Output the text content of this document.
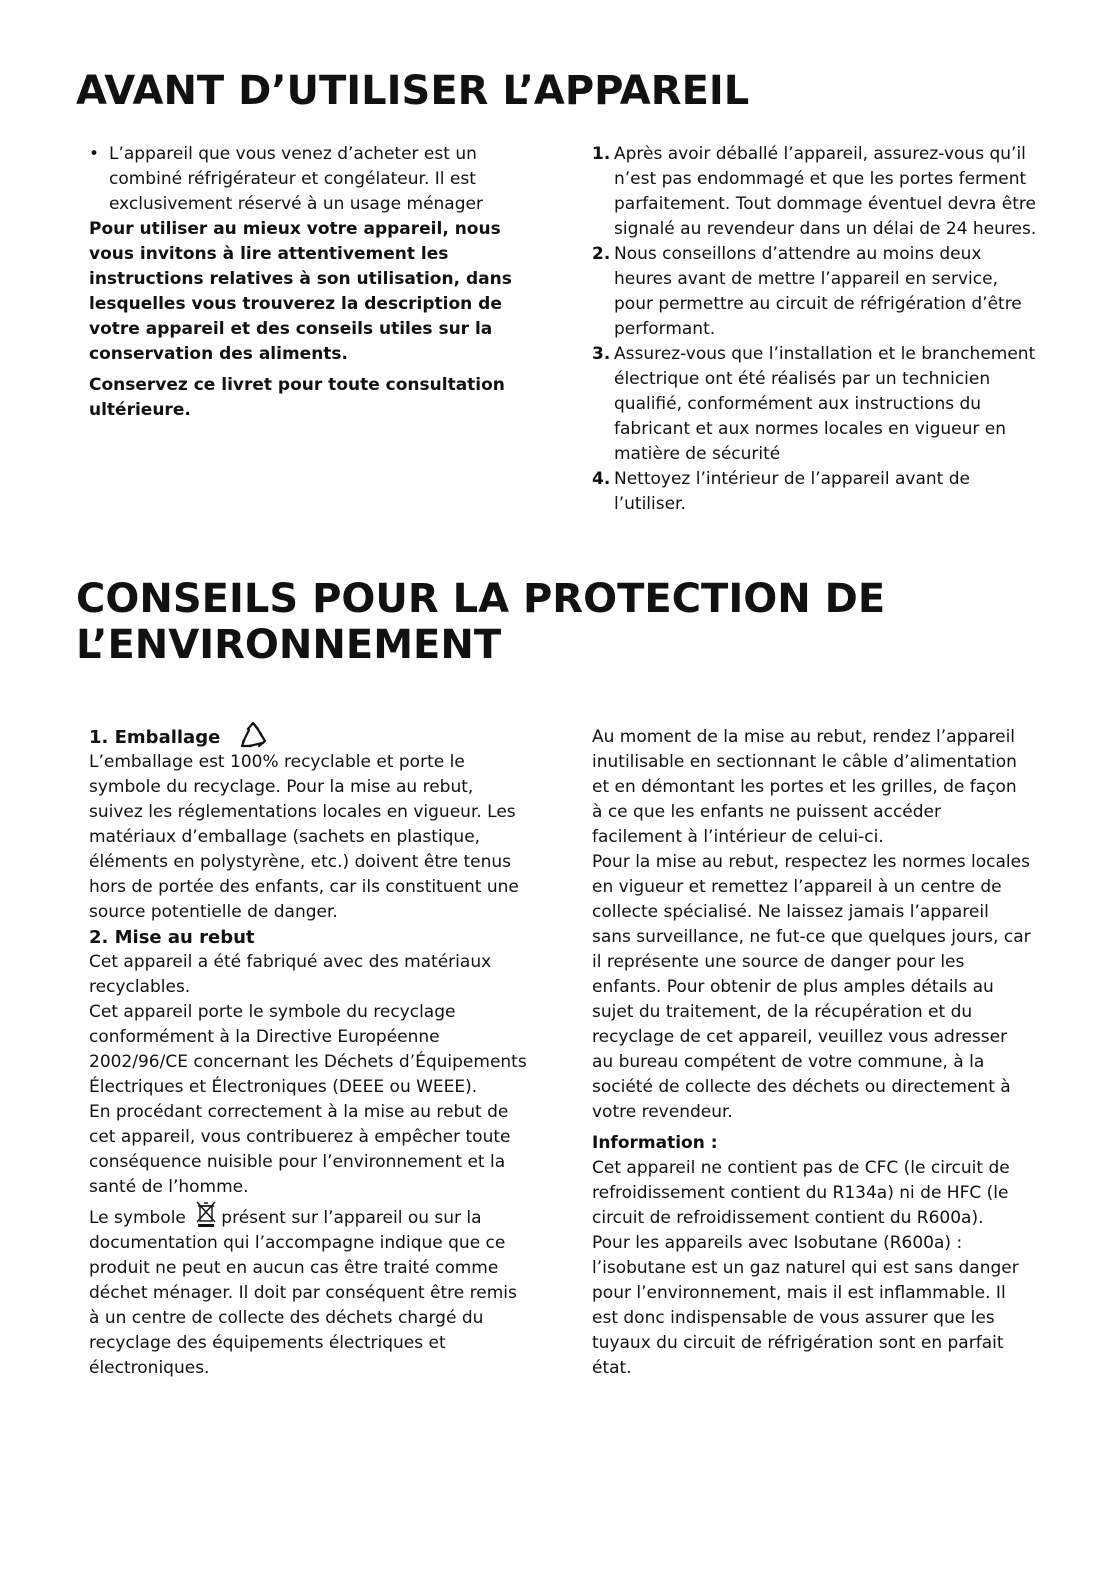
AVANT D’UTILISER L’APPAREIL

• L’appareil que vous venez d’acheter est un combiné réfrigérateur et congélateur. Il est exclusivement réservé à un usage ménager

Pour utiliser au mieux votre appareil, nous vous invitons à lire attentivement les instructions relatives à son utilisation, dans lesquelles vous trouverez la description de votre appareil et des conseils utiles sur la conservation des aliments.

Conservez ce livret pour toute consultation ultérieure.

1. Après avoir déballé l’appareil, assurez-vous qu’il n’est pas endommagé et que les portes ferment parfaitement. Tout dommage éventuel devra être signalé au revendeur dans un délai de 24 heures.
2. Nous conseillons d’attendre au moins deux heures avant de mettre l’appareil en service, pour permettre au circuit de réfrigération d’être performant.
3. Assurez-vous que l’installation et le branchement électrique ont été réalisés par un technicien qualifié, conformément aux instructions du fabricant et aux normes locales en vigueur en matière de sécurité
4. Nettoyez l’intérieur de l’appareil avant de l’utiliser.
CONSEILS POUR LA PROTECTION DE L’ENVIRONNEMENT

1. Emballage

L’emballage est 100% recyclable et porte le symbole du recyclage. Pour la mise au rebut, suivez les réglementations locales en vigueur. Les matériaux d’emballage (sachets en plastique, éléments en polystyrène, etc.) doivent être tenus hors de portée des enfants, car ils constituent une source potentielle de danger.

2. Mise au rebut

Cet appareil a été fabriqué avec des matériaux recyclables.

Cet appareil porte le symbole du recyclage conformément à la Directive Européenne 2002/96/CE concernant les Déchets d’Équipements Électriques et Électroniques (DEEE ou WEEE).

En procédant correctement à la mise au rebut de cet appareil, vous contribuerez à empêcher toute conséquence nuisible pour l’environnement et la santé de l’homme.

Le symbole présent sur l’appareil ou sur la documentation qui l’accompagne indique que ce produit ne peut en aucun cas être traité comme déchet ménager. Il doit par conséquent être remis à un centre de collecte des déchets chargé du recyclage des équipements électriques et électroniques.

Au moment de la mise au rebut, rendez l’appareil inutilisable en sectionnant le câble d’alimentation et en démontant les portes et les grilles, de façon à ce que les enfants ne puissent accéder facilement à l’intérieur de celui-ci.

Pour la mise au rebut, respectez les normes locales en vigueur et remettez l’appareil à un centre de collecte spécialisé. Ne laissez jamais l’appareil sans surveillance, ne fut-ce que quelques jours, car il représente une source de danger pour les enfants. Pour obtenir de plus amples détails au sujet du traitement, de la récupération et du recyclage de cet appareil, veuillez vous adresser au bureau compétent de votre commune, à la société de collecte des déchets ou directement à votre revendeur.

Information :

Cet appareil ne contient pas de CFC (le circuit de refroidissement contient du R134a) ni de HFC (le circuit de refroidissement contient du R600a).

Pour les appareils avec Isobutane (R600a) : l’isobutane est un gaz naturel qui est sans danger pour l’environnement, mais il est inflammable. Il est donc indispensable de vous assurer que les tuyaux du circuit de réfrigération sont en parfait état.
